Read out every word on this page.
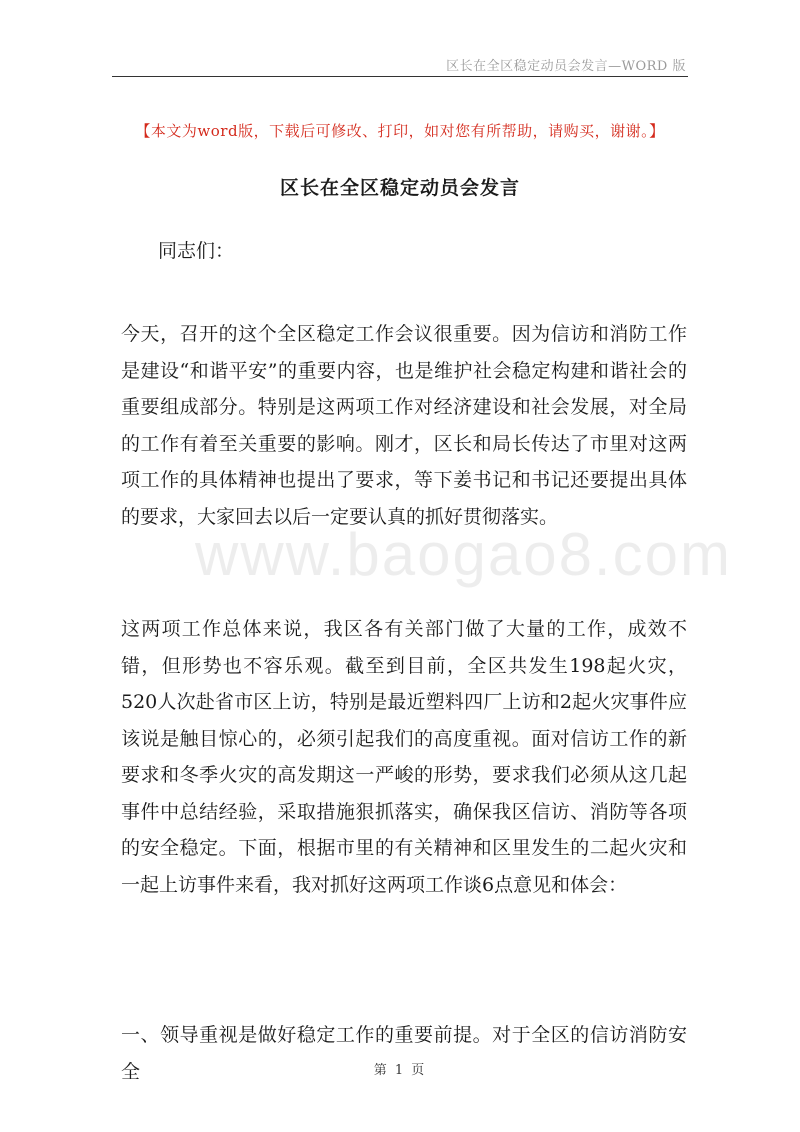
区长在全区稳定动员会发言—WORD 版
【本文为word版，下载后可修改、打印，如对您有所帮助，请购买，谢谢。】
区长在全区稳定动员会发言
同志们：

今天，召开的这个全区稳定工作会议很重要。因为信访和消防工作是建设“和谐平安”的重要内容，也是维护社会稳定构建和谐社会的重要组成部分。特别是这两项工作对经济建设和社会发展，对全局的工作有着至关重要的影响。刚才，区长和局长传达了市里对这两项工作的具体精神也提出了要求，等下姜书记和书记还要提出具体的要求，大家回去以后一定要认真的抓好贯彻落实。

www.baogao8.com

这两项工作总体来说，我区各有关部门做了大量的工作，成效不错，但形势也不容乐观。截至到目前，全区共发生198起火灾，520人次赴省市区上访，特别是最近塑料四厂上访和2起火灾事件应该说是触目惊心的，必须引起我们的高度重视。面对信访工作的新要求和冬季火灾的高发期这一严峻的形势，要求我们必须从这几起事件中总结经验，采取措施狠抓落实，确保我区信访、消防等各项的安全稳定。下面，根据市里的有关精神和区里发生的二起火灾和一起上访事件来看，我对抓好这两项工作谈6点意见和体会：

一、领导重视是做好稳定工作的重要前提。对于全区的信访消防安全	第 1 页
